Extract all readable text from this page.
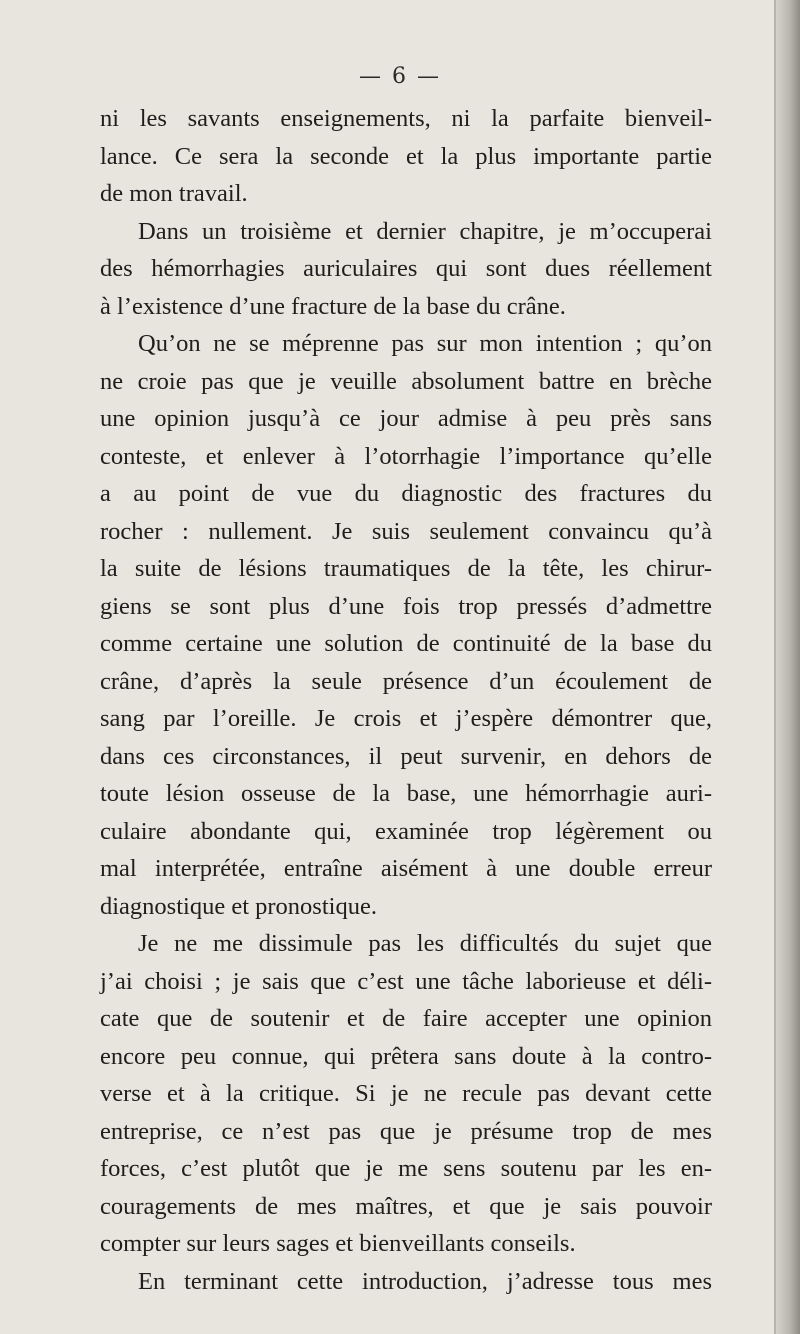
— 6 —
ni les savants enseignements, ni la parfaite bienveil-
lance. Ce sera la seconde et la plus importante partie
de mon travail.
Dans un troisième et dernier chapitre, je m’occuperai
des hémorrhagies auriculaires qui sont dues réellement
à l’existence d’une fracture de la base du crâne.
Qu’on ne se méprenne pas sur mon intention ; qu’on
ne croie pas que je veuille absolument battre en brèche
une opinion jusqu’à ce jour admise à peu près sans
conteste, et enlever à l’otorrhagie l’importance qu’elle
a au point de vue du diagnostic des fractures du
rocher : nullement. Je suis seulement convaincu qu’à
la suite de lésions traumatiques de la tête, les chirur-
giens se sont plus d’une fois trop pressés d’admettre
comme certaine une solution de continuité de la base du
crâne, d’après la seule présence d’un écoulement de
sang par l’oreille. Je crois et j’espère démontrer que,
dans ces circonstances, il peut survenir, en dehors de
toute lésion osseuse de la base, une hémorrhagie auri-
culaire abondante qui, examinée trop légèrement ou
mal interprétée, entraîne aisément à une double erreur
diagnostique et pronostique.
Je ne me dissimule pas les difficultés du sujet que
j’ai choisi ; je sais que c’est une tâche laborieuse et déli-
cate que de soutenir et de faire accepter une opinion
encore peu connue, qui prêtera sans doute à la contro-
verse et à la critique. Si je ne recule pas devant cette
entreprise, ce n’est pas que je présume trop de mes
forces, c’est plutôt que je me sens soutenu par les en-
couragements de mes maîtres, et que je sais pouvoir
compter sur leurs sages et bienveillants conseils.
En terminant cette introduction, j’adresse tous mes
